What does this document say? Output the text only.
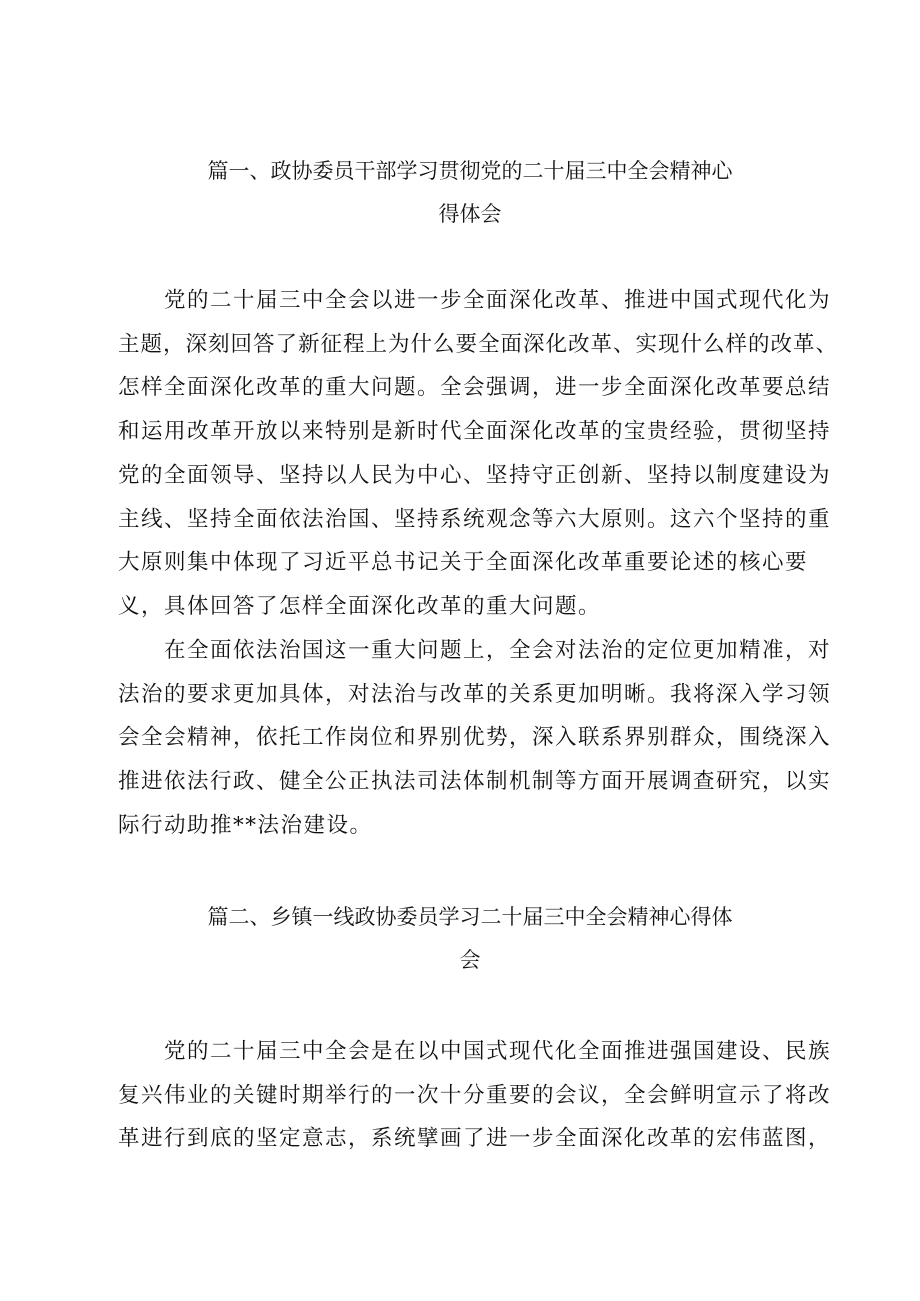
篇一、政协委员干部学习贯彻党的二十届三中全会精神心
得体会
党的二十届三中全会以进一步全面深化改革、推进中国式现代化为
主题，深刻回答了新征程上为什么要全面深化改革、实现什么样的改革、
怎样全面深化改革的重大问题。全会强调，进一步全面深化改革要总结
和运用改革开放以来特别是新时代全面深化改革的宝贵经验，贯彻坚持
党的全面领导、坚持以人民为中心、坚持守正创新、坚持以制度建设为
主线、坚持全面依法治国、坚持系统观念等六大原则。这六个坚持的重
大原则集中体现了习近平总书记关于全面深化改革重要论述的核心要
义，具体回答了怎样全面深化改革的重大问题。
在全面依法治国这一重大问题上，全会对法治的定位更加精准，对
法治的要求更加具体，对法治与改革的关系更加明晰。我将深入学习领
会全会精神，依托工作岗位和界别优势，深入联系界别群众，围绕深入
推进依法行政、健全公正执法司法体制机制等方面开展调查研究，以实
际行动助推**法治建设。
篇二、乡镇一线政协委员学习二十届三中全会精神心得体
会
党的二十届三中全会是在以中国式现代化全面推进强国建设、民族
复兴伟业的关键时期举行的一次十分重要的会议，全会鲜明宣示了将改
革进行到底的坚定意志，系统擘画了进一步全面深化改革的宏伟蓝图，
